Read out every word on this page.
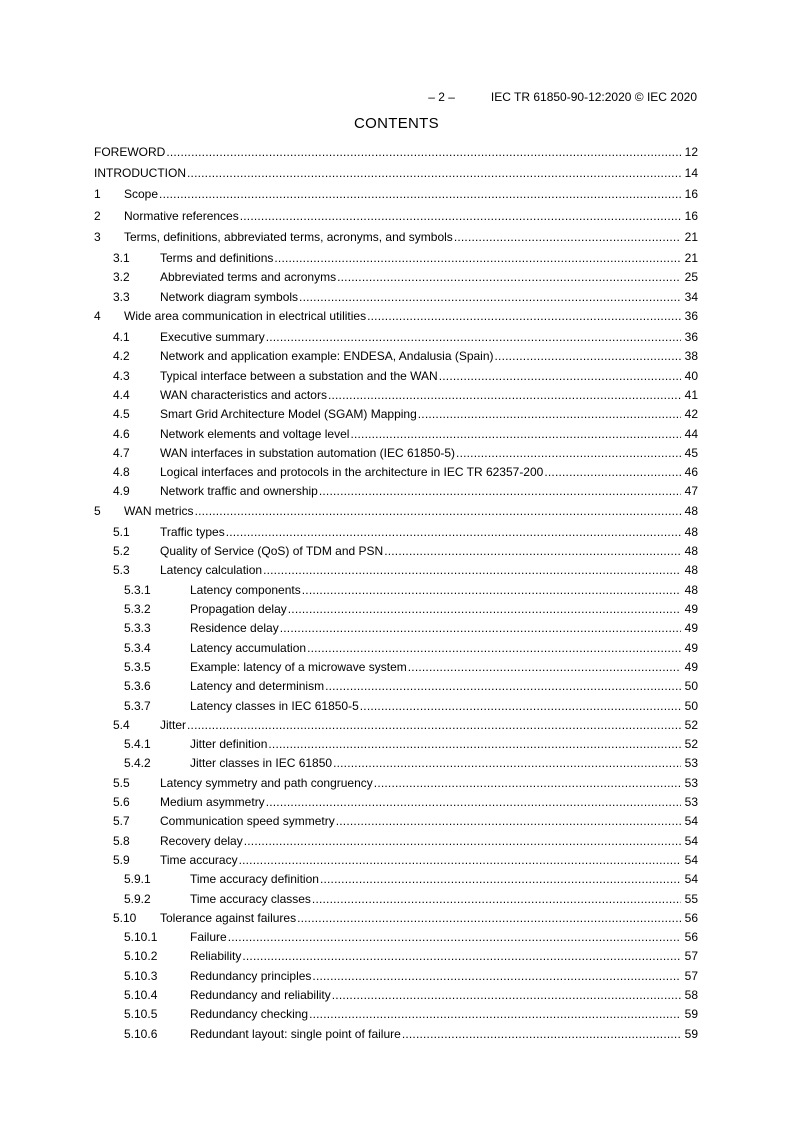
– 2 –	IEC TR 61850-90-12:2020 © IEC 2020

CONTENTS
FOREWORD .....	12
INTRODUCTION .....	14
1	Scope .....	16
2	Normative references .....	16
3	Terms, definitions, abbreviated terms, acronyms, and symbols .....	21
3.1	Terms and definitions .....	21
3.2	Abbreviated terms and acronyms .....	25
3.3	Network diagram symbols .....	34
4	Wide area communication in electrical utilities .....	36
4.1	Executive summary .....	36
4.2	Network and application example: ENDESA, Andalusia (Spain) .....	38
4.3	Typical interface between a substation and the WAN .....	40
4.4	WAN characteristics and actors .....	41
4.5	Smart Grid Architecture Model (SGAM) Mapping .....	42
4.6	Network elements and voltage level .....	44
4.7	WAN interfaces in substation automation (IEC 61850-5) .....	45
4.8	Logical interfaces and protocols in the architecture in IEC TR 62357-200 .....	46
4.9	Network traffic and ownership .....	47
5	WAN metrics .....	48
5.1	Traffic types .....	48
5.2	Quality of Service (QoS) of TDM and PSN .....	48
5.3	Latency calculation .....	48
5.3.1	Latency components .....	48
5.3.2	Propagation delay .....	49
5.3.3	Residence delay .....	49
5.3.4	Latency accumulation .....	49
5.3.5	Example: latency of a microwave system .....	49
5.3.6	Latency and determinism .....	50
5.3.7	Latency classes in IEC 61850-5 .....	50
5.4	Jitter .....	52
5.4.1	Jitter definition .....	52
5.4.2	Jitter classes in IEC 61850 .....	53
5.5	Latency symmetry and path congruency .....	53
5.6	Medium asymmetry .....	53
5.7	Communication speed symmetry .....	54
5.8	Recovery delay .....	54
5.9	Time accuracy .....	54
5.9.1	Time accuracy definition .....	54
5.9.2	Time accuracy classes .....	55
5.10	Tolerance against failures .....	56
5.10.1	Failure .....	56
5.10.2	Reliability .....	57
5.10.3	Redundancy principles .....	57
5.10.4	Redundancy and reliability .....	58
5.10.5	Redundancy checking .....	59
5.10.6	Redundant layout: single point of failure .....	59
